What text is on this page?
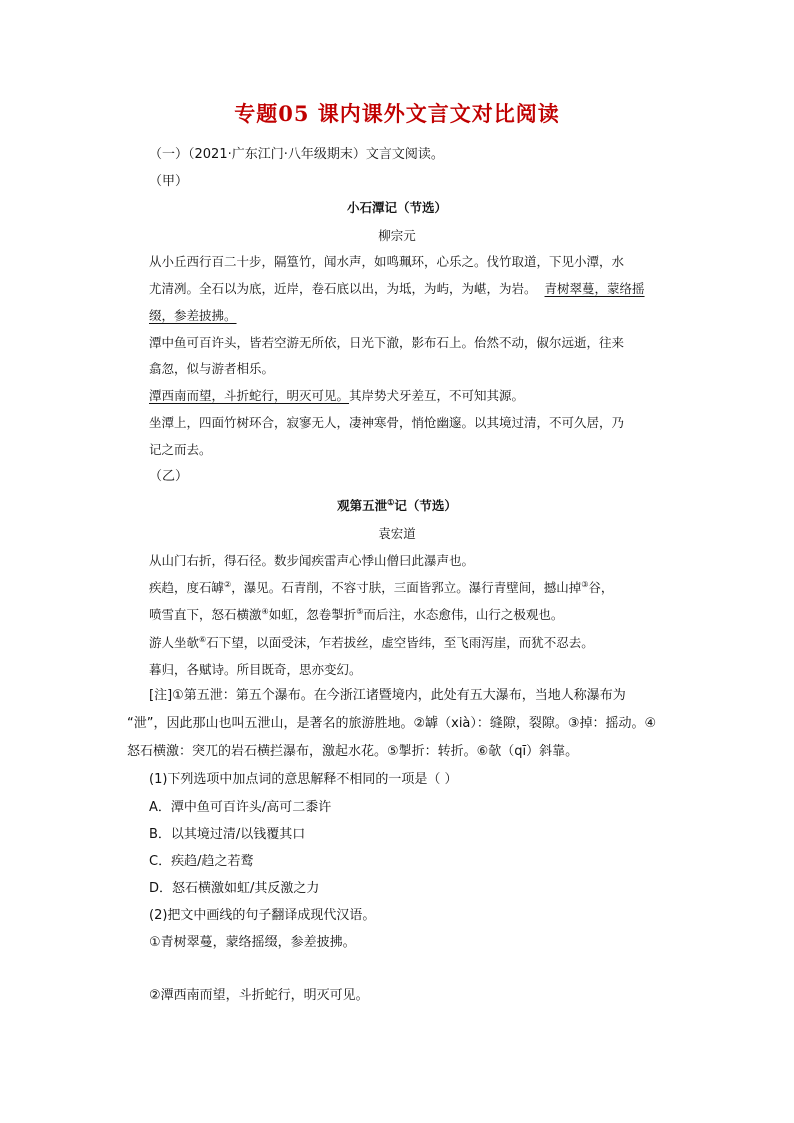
专题05 课内课外文言文对比阅读
（一）（2021·广东江门·八年级期末）文言文阅读。
（甲）
小石潭记（节选）
柳宗元
从小丘西行百二十步，隔篁竹，闻水声，如鸣珮环，心乐之。伐竹取道，下见小潭，水
尤清冽。全石以为底，近岸，卷石底以出，为坻，为屿，为嵁，为岩。 青树翠蔓，蒙络摇
缀，参差披拂。
潭中鱼可百许头，皆若空游无所依，日光下澈，影布石上。佁然不动，俶尔远逝，往来
翕忽，似与游者相乐。
潭西南而望，斗折蛇行，明灭可见。其岸势犬牙差互，不可知其源。
坐潭上，四面竹树环合，寂寥无人，凄神寒骨，悄怆幽邃。以其境过清，不可久居，乃
记之而去。
（乙）
观第五泄①记（节选）
袁宏道
从山门右折，得石径。数步闻疾雷声心悸山僧曰此瀑声也。
疾趋，度石罅②，瀑见。石青削，不容寸肤，三面皆郛立。瀑行青壁间，撼山掉③谷，
喷雪直下，怒石横激④如虹，忽卷掣折⑤而后注，水态愈伟，山行之极观也。
游人坐欹⑥石下望，以面受沫，乍若拔丝，虚空皆纬，至飞雨泻崖，而犹不忍去。
暮归，各赋诗。所目既奇，思亦变幻。
[注]①第五泄：第五个瀑布。在今浙江诸暨境内，此处有五大瀑布，当地人称瀑布为
“泄”，因此那山也叫五泄山，是著名的旅游胜地。②罅（xià）：缝隙，裂隙。③掉：摇动。④
怒石横激：突兀的岩石横拦瀑布，激起水花。⑤掣折：转折。⑥欹（qī）斜靠。
(1)下列选项中加点词的意思解释不相同的一项是（ ）
A．潭中鱼可百许头/高可二黍许
B．以其境过清/以钱覆其口
C．疾趋/趋之若鹜
D．怒石横激如虹/其反激之力
(2)把文中画线的句子翻译成现代汉语。
①青树翠蔓，蒙络摇缀，参差披拂。
②潭西南而望，斗折蛇行，明灭可见。
